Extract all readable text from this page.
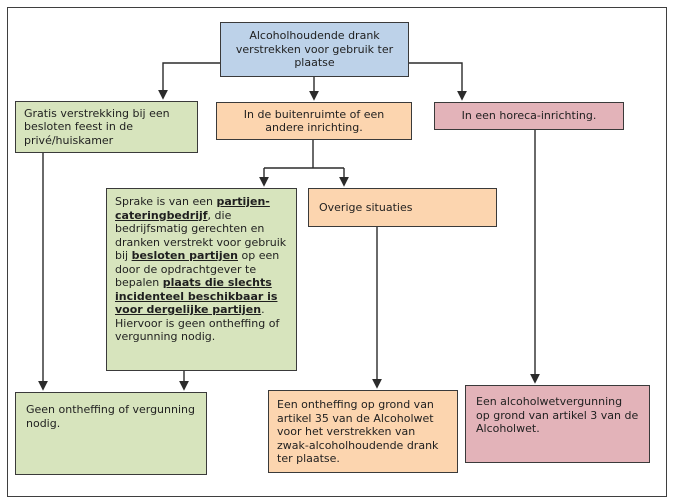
Alcoholhoudende drank verstrekken voor gebruik ter plaatse
Gratis verstrekking bij een besloten feest in de privé/huiskamer
In de buitenruimte of een andere inrichting.
In een horeca-inrichting.
Sprake is van een partijen-cateringbedrijf, die bedrijfsmatig gerechten en dranken verstrekt voor gebruik bij besloten partijen op een door de opdrachtgever te bepalen plaats die slechts incidenteel beschikbaar is voor dergelijke partijen. Hiervoor is geen ontheffing of vergunning nodig.
Overige situaties
Geen ontheffing of vergunning nodig.
Een ontheffing op grond van artikel 35 van de Alcoholwet voor het verstrekken van zwak-alcoholhoudende drank ter plaatse.
Een alcoholwetvergunning op grond van artikel 3 van de Alcoholwet.
